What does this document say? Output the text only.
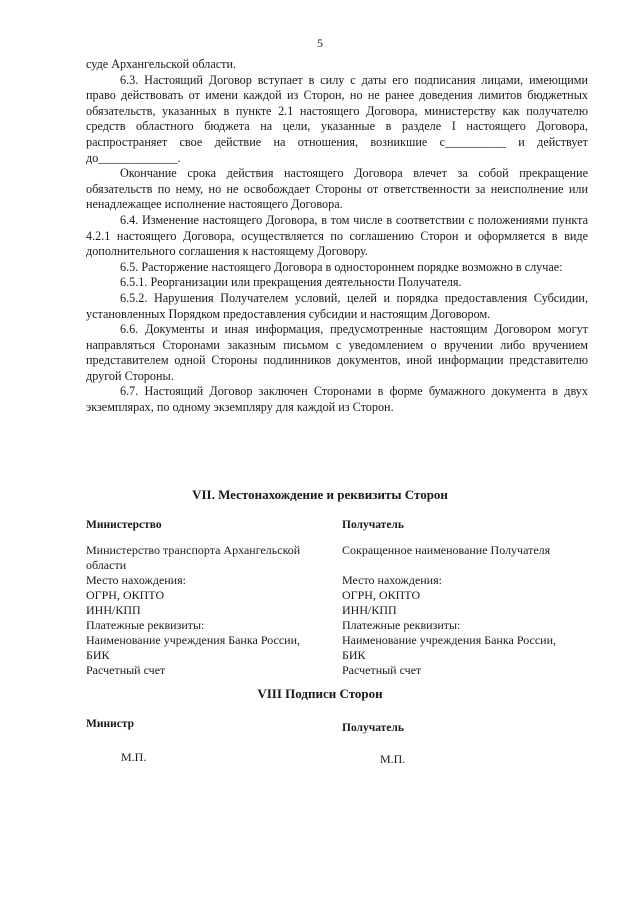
5

суде Архангельской области.

6.3. Настоящий Договор вступает в силу с даты его подписания лицами, имеющими право действовать от имени каждой из Сторон, но не ранее доведения лимитов бюджетных обязательств, указанных в пункте 2.1 настоящего Договора, министерству как получателю средств областного бюджета на цели, указанные в разделе I настоящего Договора, распространяет свое действие на отношения, возникшие с__________ и действует до_____________.

Окончание срока действия настоящего Договора влечет за собой прекращение обязательств по нему, но не освобождает Стороны от ответственности за неисполнение или ненадлежащее исполнение настоящего Договора.

6.4. Изменение настоящего Договора, в том числе в соответствии с положениями пункта 4.2.1 настоящего Договора, осуществляется по соглашению Сторон и оформляется в виде дополнительного соглашения к настоящему Договору.

6.5. Расторжение настоящего Договора в одностороннем порядке возможно в случае:

6.5.1. Реорганизации или прекращения деятельности Получателя.

6.5.2. Нарушения Получателем условий, целей и порядка предоставления Субсидии, установленных Порядком предоставления субсидии и настоящим Договором.

6.6. Документы и иная информация, предусмотренные настоящим Договором могут направляться Сторонами заказным письмом с уведомлением о вручении либо вручением представителем одной Стороны подлинников документов, иной информации представителю другой Стороны.

6.7. Настоящий Договор заключен Сторонами в форме бумажного документа в двух экземплярах, по одному экземпляру для каждой из Сторон.

VII. Местонахождение и реквизиты Сторон
Министерство
Министерство транспорта Архангельской
области
Место нахождения:
ОГРН, ОКПТО
ИНН/КПП
Платежные реквизиты:
Наименование учреждения Банка России,
БИК
Расчетный счет
Получатель
Сокращенное наименование Получателя
Место нахождения:
ОГРН, ОКПТО
ИНН/КПП
Платежные реквизиты:
Наименование учреждения Банка России,
БИК
Расчетный счет
VIII Подписи Сторон
Министр	Получатель
М.П.	М.П.
